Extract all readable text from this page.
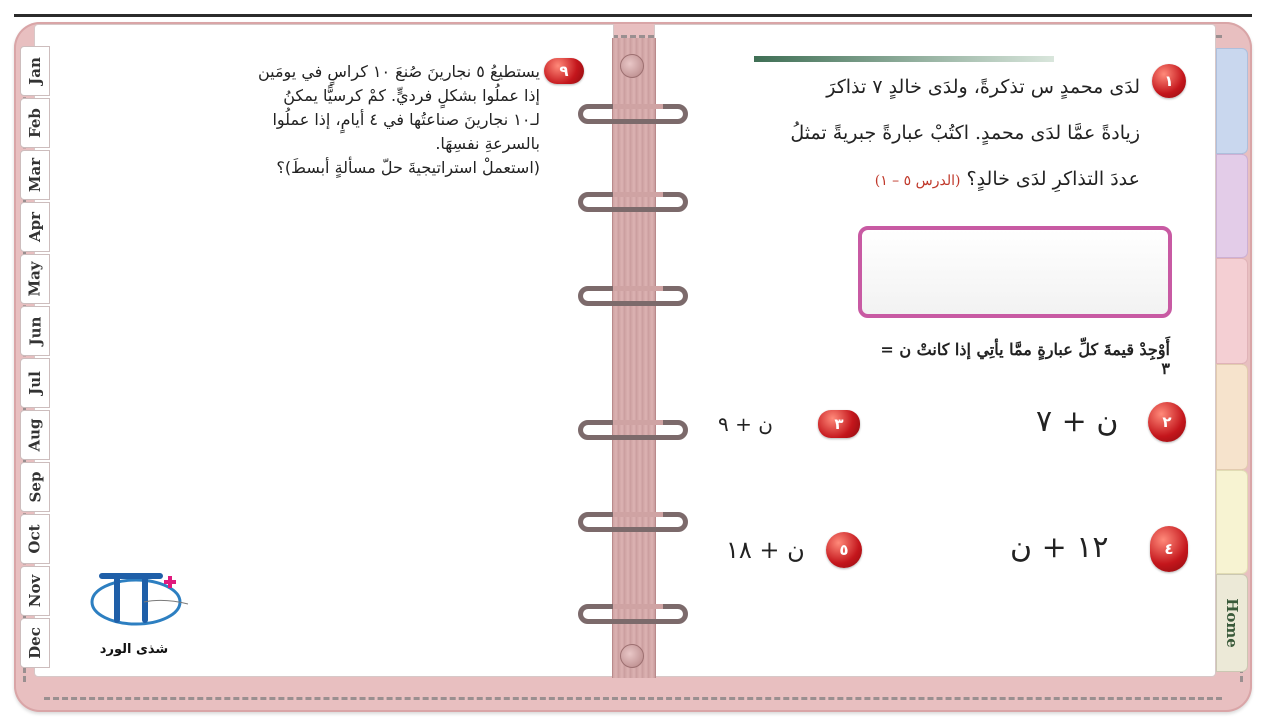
Home
Jan
Feb
Mar
Apr
May
Jun
Jul
Aug
Sep
Oct
Nov
Dec
٩
يستطيعُ ٥ نجارينَ صُنعَ ١٠ كراسٍ في يومَين
إذا عملُوا بشكلٍ فرديٍّ. كمْ كرسيًّا يمكنُ
لـ١٠ نجارينَ صناعتُها في ٤ أيامٍ، إذا عملُوا
بالسرعةِ نفسِهَا.
(استعملْ استراتيجيةَ حلّ مسألةٍ أبسطَ)؟
شذى الورد
١
لدَى محمدٍ س تذكرةً، ولدَى خالدٍ ٧ تذاكرَ
زيادةً عمَّا لدَى محمدٍ. اكتُبْ عبارةً جبريةً تمثلُ
عددَ التذاكرِ لدَى خالدٍ؟ (الدرس ٥ – ١)
أَوْجِدْ قيمةَ كلِّ عبارةٍ ممَّا يأتِي إذا كانتْ ن = ٣
٢
ن + ٧
٣
ن + ٩
٤
١٢ + ن
٥
ن + ١٨
